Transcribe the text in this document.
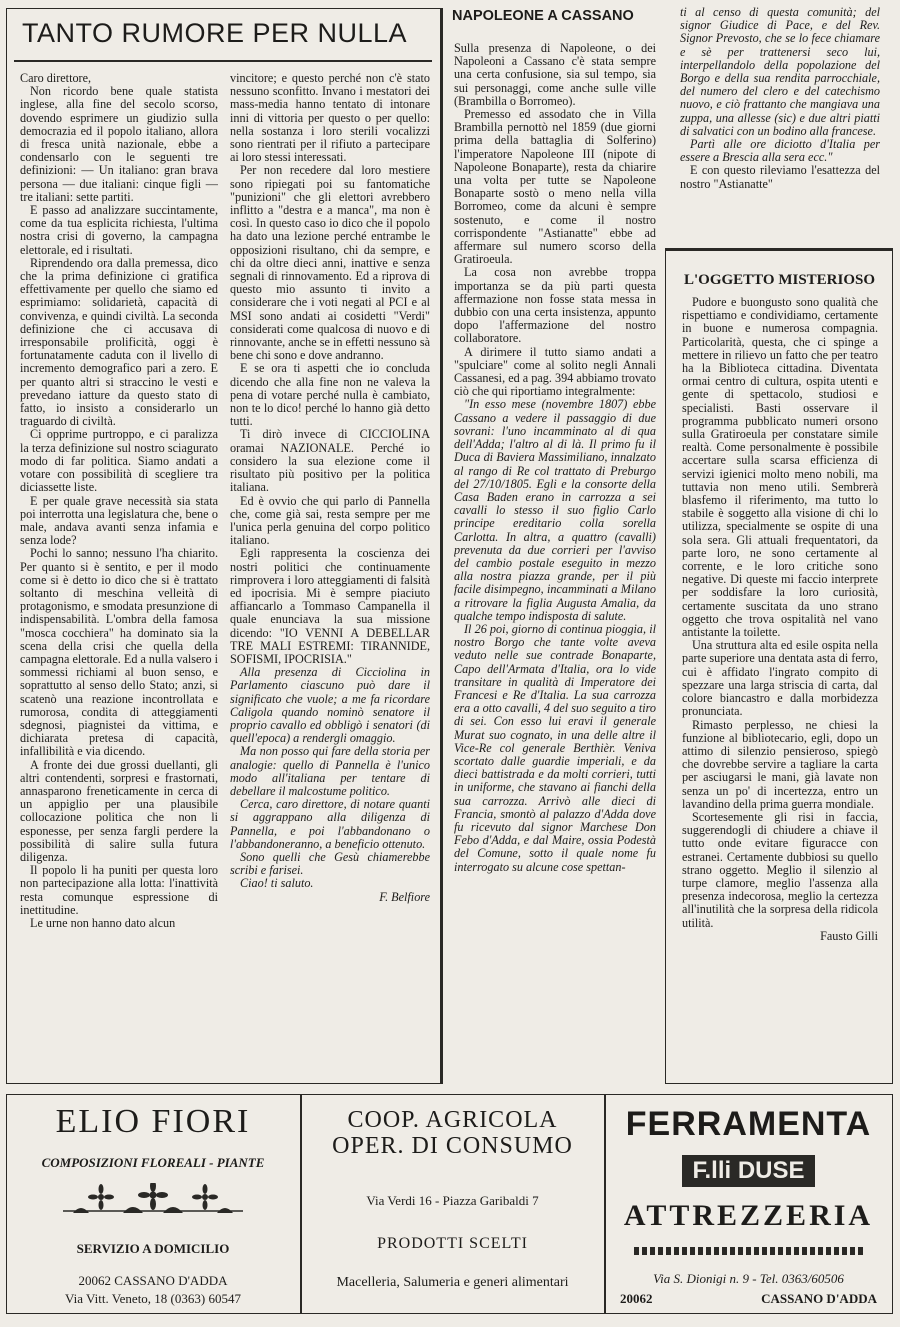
TANTO RUMORE PER NULLA

Caro direttore,

Non ricordo bene quale statista inglese, alla fine del secolo scorso, dovendo esprimere un giudizio sulla democrazia ed il popolo italiano, allora di fresca unità nazionale, ebbe a condensarlo con le seguenti tre definizioni: — Un italiano: gran brava persona — due italiani: cinque figli — tre italiani: sette partiti.

E passo ad analizzare succintamente, come da tua esplicita richiesta, l'ultima nostra crisi di governo, la campagna elettorale, ed i risultati.

Riprendendo ora dalla premessa, dico che la prima definizione ci gratifica effettivamente per quello che siamo ed esprimiamo: solidarietà, capacità di convivenza, e quindi civiltà. La seconda definizione che ci accusava di irresponsabile prolificità, oggi è fortunatamente caduta con il livello di incremento demografico pari a zero. E per quanto altri si straccino le vesti e prevedano iatture da questo stato di fatto, io insisto a considerarlo un traguardo di civiltà.

Ci opprime purtroppo, e ci paralizza la terza definizione sul nostro sciagurato modo di far politica. Siamo andati a votare con possibilità di scegliere tra diciassette liste.

E per quale grave necessità sia stata poi interrotta una legislatura che, bene o male, andava avanti senza infamia e senza lode?

Pochi lo sanno; nessuno l'ha chiarito. Per quanto si è sentito, e per il modo come si è detto io dico che si è trattato soltanto di meschina velleità di protagonismo, e smodata presunzione di indispensabilità. L'ombra della famosa "mosca cocchiera" ha dominato sia la scena della crisi che quella della campagna elettorale. Ed a nulla valsero i sommessi richiami al buon senso, e soprattutto al senso dello Stato; anzi, si scatenò una reazione incontrollata e rumorosa, condita di atteggiamenti sdegnosi, piagnistei da vittima, e dichiarata pretesa di capacità, infallibilità e via dicendo.

A fronte dei due grossi duellanti, gli altri contendenti, sorpresi e frastornati, annasparono freneticamente in cerca di un appiglio per una plausibile collocazione politica che non li esponesse, per senza fargli perdere la possibilità di salire sulla futura diligenza.

Il popolo li ha puniti per questa loro non partecipazione alla lotta: l'inattività resta comunque espressione di inettitudine.

Le urne non hanno dato alcun

vincitore; e questo perché non c'è stato nessuno sconfitto. Invano i mestatori dei mass-media hanno tentato di intonare inni di vittoria per questo o per quello: nella sostanza i loro sterili vocalizzi sono rientrati per il rifiuto a partecipare ai loro stessi interessati.

Per non recedere dal loro mestiere sono ripiegati poi su fantomatiche "punizioni" che gli elettori avrebbero inflitto a "destra e a manca", ma non è così. In questo caso io dico che il popolo ha dato una lezione perché entrambe le opposizioni risultano, chi da sempre, e chi da oltre dieci anni, inattive e senza segnali di rinnovamento. Ed a riprova di questo mio assunto ti invito a considerare che i voti negati al PCI e al MSI sono andati ai cosidetti "Verdi" considerati come qualcosa di nuovo e di rinnovante, anche se in effetti nessuno sà bene chi sono e dove andranno.

E se ora ti aspetti che io concluda dicendo che alla fine non ne valeva la pena di votare perché nulla è cambiato, non te lo dico! perché lo hanno già detto tutti.

Ti dirò invece di CICCIOLINA oramai NAZIONALE. Perché io considero la sua elezione come il risultato più positivo per la politica italiana.

Ed è ovvio che qui parlo di Pannella che, come già sai, resta sempre per me l'unica perla genuina del corpo politico italiano.

Egli rappresenta la coscienza dei nostri politici che continuamente rimprovera i loro atteggiamenti di falsità ed ipocrisia. Mi è sempre piaciuto affiancarlo a Tommaso Campanella il quale enunciava la sua missione dicendo: "IO VENNI A DEBELLAR TRE MALI ESTREMI: TIRANNIDE, SOFISMI, IPOCRISIA."

Alla presenza di Cicciolina in Parlamento ciascuno può dare il significato che vuole; a me fa ricordare Caligola quando nominò senatore il proprio cavallo ed obbligò i senatori (di quell'epoca) a rendergli omaggio.

Ma non posso qui fare della storia per analogie: quello di Pannella è l'unico modo all'italiana per tentare di debellare il malcostume politico.

Cerca, caro direttore, di notare quanti si aggrappano alla diligenza di Pannella, e poi l'abbandonano o l'abbandoneranno, a beneficio ottenuto.

Sono quelli che Gesù chiamerebbe scribi e farisei.

Ciao! ti saluto.

F. Belfiore

NAPOLEONE A CASSANO

Sulla presenza di Napoleone, o dei Napoleoni a Cassano c'è stata sempre una certa confusione, sia sul tempo, sia sui personaggi, come anche sulle ville (Brambilla o Borromeo).

Premesso ed assodato che in Villa Brambilla pernottò nel 1859 (due giorni prima della battaglia di Solferino) l'imperatore Napoleone III (nipote di Napoleone Bonaparte), resta da chiarire una volta per tutte se Napoleone Bonaparte sostò o meno nella villa Borromeo, come da alcuni è sempre sostenuto, e come il nostro corrispondente "Astianatte" ebbe ad affermare sul numero scorso della Gratiroeula.

La cosa non avrebbe troppa importanza se da più parti questa affermazione non fosse stata messa in dubbio con una certa insistenza, appunto dopo l'affermazione del nostro collaboratore.

A dirimere il tutto siamo andati a "spulciare" come al solito negli Annali Cassanesi, ed a pag. 394 abbiamo trovato ciò che qui riportiamo integralmente:

"In esso mese (novembre 1807) ebbe Cassano a vedere il passaggio di due sovrani: l'uno incamminato al di qua dell'Adda; l'altro al di là. Il primo fu il Duca di Baviera Massimiliano, innalzato al rango di Re col trattato di Preburgo del 27/10/1805. Egli e la consorte della Casa Baden erano in carrozza a sei cavalli lo stesso il suo figlio Carlo principe ereditario colla sorella Carlotta. In altra, a quattro (cavalli) prevenuta da due corrieri per l'avviso del cambio postale eseguito in mezzo alla nostra piazza grande, per il più facile disimpegno, incamminati a Milano a ritrovare la figlia Augusta Amalia, da qualche tempo indisposta di salute.

Il 26 poi, giorno di continua pioggia, il nostro Borgo che tante volte aveva veduto nelle sue contrade Bonaparte, Capo dell'Armata d'Italia, ora lo vide transitare in qualità di Imperatore dei Francesi e Re d'Italia. La sua carrozza era a otto cavalli, 4 del suo seguito a tiro di sei. Con esso lui eravi il generale Murat suo cognato, in una delle altre il Vice-Re col generale Berthièr. Veniva scortato dalle guardie imperiali, e da dieci battistrada e da molti corrieri, tutti in uniforme, che stavano ai fianchi della sua carrozza. Arrivò alle dieci di Francia, smontò al palazzo d'Adda dove fu ricevuto dal signor Marchese Don Febo d'Adda, e dal Maire, ossia Podestà del Comune, sotto il quale nome fu interrogato su alcune cose spettan-

ti al censo di questa comunità; del signor Giudice di Pace, e del Rev. Signor Prevosto, che se lo fece chiamare e sè per trattenersi seco lui, interpellandolo della popolazione del Borgo e della sua rendita parrocchiale, del numero del clero e del catechismo nuovo, e ciò frattanto che mangiava una zuppa, una allesse (sic) e due altri piatti di salvatici con un bodino alla francese.

Partì alle ore diciotto d'Italia per essere a Brescia alla sera ecc."

E con questo rileviamo l'esattezza del nostro "Astianatte"

L'OGGETTO MISTERIOSO

Pudore e buongusto sono qualità che rispettiamo e condividiamo, certamente in buone e numerosa compagnia. Particolarità, questa, che ci spinge a mettere in rilievo un fatto che per teatro ha la Biblioteca cittadina. Diventata ormai centro di cultura, ospita utenti e gente di spettacolo, studiosi e specialisti. Basti osservare il programma pubblicato numeri orsono sulla Gratiroeula per constatare simile realtà. Come personalmente è possibile accertare sulla scarsa efficienza di servizi igienici molto meno nobili, ma tuttavia non meno utili. Sembrerà blasfemo il riferimento, ma tutto lo stabile è soggetto alla visione di chi lo utilizza, specialmente se ospite di una sola sera. Gli attuali frequentatori, da parte loro, ne sono certamente al corrente, e le loro critiche sono negative. Di queste mi faccio interprete per soddisfare la loro curiosità, certamente suscitata da uno strano oggetto che trova ospitalità nel vano antistante la toilette.

Una struttura alta ed esile ospita nella parte superiore una dentata asta di ferro, cui è affidato l'ingrato compito di spezzare una larga striscia di carta, dal colore biancastro e dalla morbidezza pronunciata.

Rimasto perplesso, ne chiesi la funzione al bibliotecario, egli, dopo un attimo di silenzio pensieroso, spiegò che dovrebbe servire a tagliare la carta per asciugarsi le mani, già lavate non senza un po' di incertezza, entro un lavandino della prima guerra mondiale.

Scortesemente gli risi in faccia, suggerendogli di chiudere a chiave il tutto onde evitare figuracce con estranei. Certamente dubbiosi su quello strano oggetto. Meglio il silenzio al turpe clamore, meglio l'assenza alla presenza indecorosa, meglio la certezza all'inutilità che la sorpresa della ridicola utilità.

Fausto Gilli

ELIO FIORI
COMPOSIZIONI FLOREALI - PIANTE
SERVIZIO A DOMICILIO
20062 CASSANO D'ADDA
Via Vitt. Veneto, 18 (0363) 60547
COOP. AGRICOLA
OPER. DI CONSUMO
Via Verdi 16 - Piazza Garibaldi 7
PRODOTTI SCELTI
Macelleria, Salumeria e generi alimentari
FERRAMENTA
F.lli DUSE
ATTREZZERIA
Via S. Dionigi n. 9 - Tel. 0363/60506
20062	CASSANO D'ADDA
